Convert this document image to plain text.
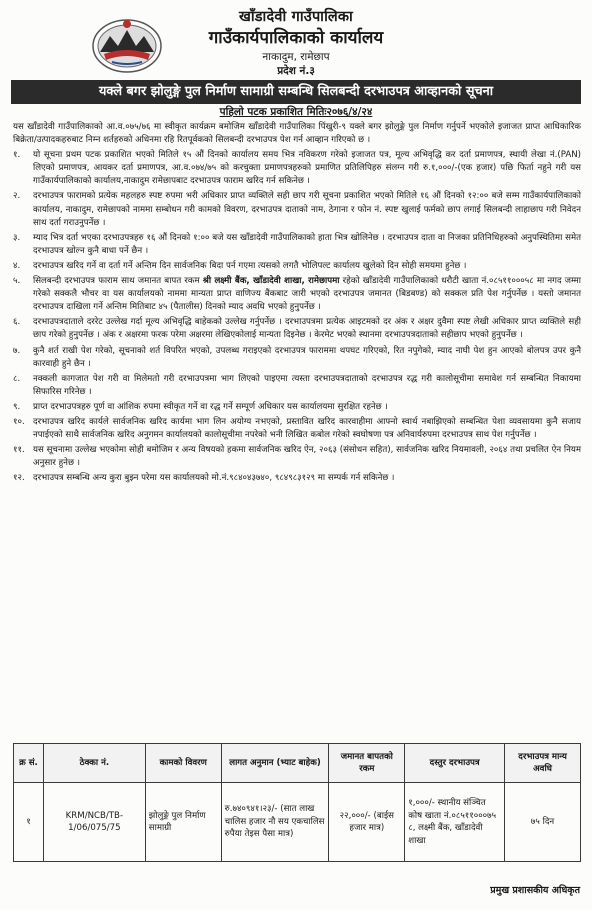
खाँडादेवी गाउँपालिका
गाउँकार्यपालिकाको कार्यालय
नाकादुम, रामेछाप
प्रदेश नं.३
यक्ले बगर झोलुङ्गे पुल निर्माण सामाग्री सम्बन्धि सिलबन्दी दरभाउपत्र आव्हानको सूचना
पहिलो पटक प्रकाशित मितिः२०७६/४/२४

यस खाँडादेवी गाउँपालिकाको आ.व.०७५/७६ मा स्वीकृत कार्यक्रम बमोजिम खाँडादेवी गाउँपालिका पिंखुरी-९ यक्ले बगर झोलुङ्गे पुल निर्माण गर्नुपर्ने भएकोले इजाजत प्राप्त आधिकारिक बिक्रेता/उत्पादकहरुबाट निम्न शर्तहरुको अधिनमा रहि रितपूर्वकको सिलबन्दी दरभाउपत्र पेश गर्न आव्हान गरिएको छ ।

१.	यो सूचना प्रथम पटक प्रकाशित भएको मितिले १५ औं दिनको कार्यालय समय भित्र नविकरण गरेको इजाजत पत्र, मूल्य अभिवृद्धि कर दर्ता प्रमाणपत्र, स्थायी लेखा नं.(PAN) लिएको प्रमाणपत्र, आयकर दर्ता प्रमाणपत्र, आ.व.०७४/७५ को करचुक्ता प्रमाणपत्रहरुको प्रमाणित प्रतिलिपिहरु संलग्न गरी रु.१,०००/-(एक हजार) पछि फिर्ता नहुने गरी यस गाउँकार्यपालिकाको कार्यालय,नाकादुम रामेछापबाट दरभाउपत्र फाराम खरिद गर्न सकिनेछ ।
२.	दरभाउपत्र फारामको प्रत्येक महलहरु स्पष्ट रुपमा भरी अधिकार प्राप्त व्यक्तिले सही छाप गरी सूचना प्रकाशित भएको मितिले १६ औं दिनको १२:०० बजे सम्म गाउँकार्यपालिकाको कार्यालय, नाकादुम, रामेछापको नाममा सम्बोधन गरी कामको विवरण, दरभाउपत्र दाताको नाम, ठेगाना र फोन नं. स्पष्ट खुलाई फर्मको छाप लगाई सिलबन्दी लाहाछाप गरी निवेदन साथ दर्ता गराउनुपर्नेछ ।
३.	म्याद भित्र दर्ता भएका दरभाउपत्रहरु १६ औं दिनको १:०० बजे यस खाँडादेवी गाउँपालिकाको हाता भित्र खोलिनेछ । दरभाउपत्र दाता वा निजका प्रतिनिधिहरुको अनुपस्थितिमा समेत दरभाउपत्र खोल्न कुनै बाधा पर्ने छैन ।
४.	दरभाउपत्र खरिद गर्ने वा दर्ता गर्ने अन्तिम दिन सार्वजनिक बिदा पर्न गएमा त्यसको लगतै भोलिपल्ट कार्यालय खुलेको दिन सोही समयमा हुनेछ ।
५.	सिलबन्दी दरभाउपत्र फाराम साथ जमानत बापत रकम श्री लक्ष्मी बैंक, खाँडादेवी शाखा, रामेछापमा रहेको खाँडादेवी गाउँपालिकाको धरौटी खाता नं.०८५११०००५८ मा नगद जम्मा गरेको सक्कलै भौचर वा यस कार्यालयको नाममा मान्यता प्राप्त वाणिज्य बैंकबाट जारी भएको दरभाउपत्र जमानत (बिडबण्ड) को सक्कल प्रति पेश गर्नुपर्नेछ । यस्तो जमानत दरभाउपत्र दाखिला गर्ने अन्तिम मितिबाट ४५ (पैतालीस) दिनको म्याद अवधि भएको हुनुपर्नेछ ।
६.	दरभाउपत्रदाताले दररेट उल्लेख गर्दा मूल्य अभिवृद्धि बाहेकको उल्लेख गर्नुपर्नेछ । दरभाउपत्रमा प्रत्येक आइटमको दर अंक र अक्षर दुवैमा स्पष्ट लेखी अधिकार प्राप्त व्यक्तिले सही छाप गरेको हुनुपर्नेछ । अंक र अक्षरमा फरक परेमा अक्षरमा लेखिएकोलाई मान्यता दिइनेछ । केरमेट भएको स्थानमा दरभाउपत्रदाताको सहीछाप भएको हुनुपर्नेछ ।
७.	कुनै शर्त राखी पेश गरेको, सूचनाको शर्त विपरित भएको, उपलब्ध गराइएको दरभाउपत्र फाराममा थपघट गरिएको, रित नपुगेको, म्याद नाघी पेश हुन आएको बोलपत्र उपर कुनै कारवाही हुने छैन ।
८.	नक्कली कागजात पेश गरी वा मिलेमतो गरी दरभाउपत्रमा भाग लिएको पाइएमा त्यस्ता दरभाउपत्रदाताको दरभाउपत्र रद्ध गरी कालोसूचीमा समावेश गर्न सम्बन्धित निकायमा सिफारिस गरिनेछ ।
९.	प्राप्त दरभाउपत्रहरु पूर्ण वा आंशिक रुपमा स्वीकृत गर्ने वा रद्ध गर्ने सम्पूर्ण अधिकार यस कार्यालयमा सुरक्षित रहनेछ ।
१०. दरभाउपत्र खरिद कार्यले सार्वजनिक खरिद कार्यमा भाग लिन अयोग्य नभएको, प्रस्तावित खरिद कारवाहीमा आफ्नो स्वार्थ नबाझिएको सम्बन्धित पेशा व्यवसायमा कुनै सजाय नपाईएको साथै सार्वजनिक खरिद अनुगमन कार्यालयको कालोसूचीमा नपरेको भनी लिखित कबोल गरेको स्वघोषणा पत्र अनिवार्यरुपमा दरभाउपत्र साथ पेश गर्नुपर्नेछ ।
११. यस सूचनामा उल्लेख भएकोमा सोही बमोजिम र अन्य विषयको हकमा सार्वजनिक खरिद ऐन, २०६३ (संसोधन सहित), सार्वजनिक खरिद नियमावली, २०६४ तथा प्रचलित ऐन नियम अनुसार हुनेछ ।
१२. दरभाउपत्र सम्बन्धि अन्य कुरा बुझ्न परेमा यस कार्यालयको मो.नं.९८४०४३७४०, ९८४९८३१२९ मा सम्पर्क गर्न सकिनेछ ।
क्र सं.	ठेक्का नं.	कामको विवरण	लागत अनुमान (भ्याट बाहेक)	जमानत बापतको रकम	दस्तुर दरभाउपत्र	दरभाउपत्र मान्य अवधि
१	KRM/NCB/TB-1/06/075/75	झोलुङ्गे पुल निर्माण सामाग्री	रु.७४०९४१।२३/- (सात लाख चालिस हजार नौ सय एकचालिस रुपैया तेइस पैसा मात्र)	२२,०००/- (बाईस हजार मात्र)	१,०००/- स्थानीय संञ्चित कोष खाता नं.०८५११०००७५ ८, लक्ष्मी बैंक, खाँडादेवी शाखा	७५ दिन
प्रमुख प्रशासकीय अधिकृत
